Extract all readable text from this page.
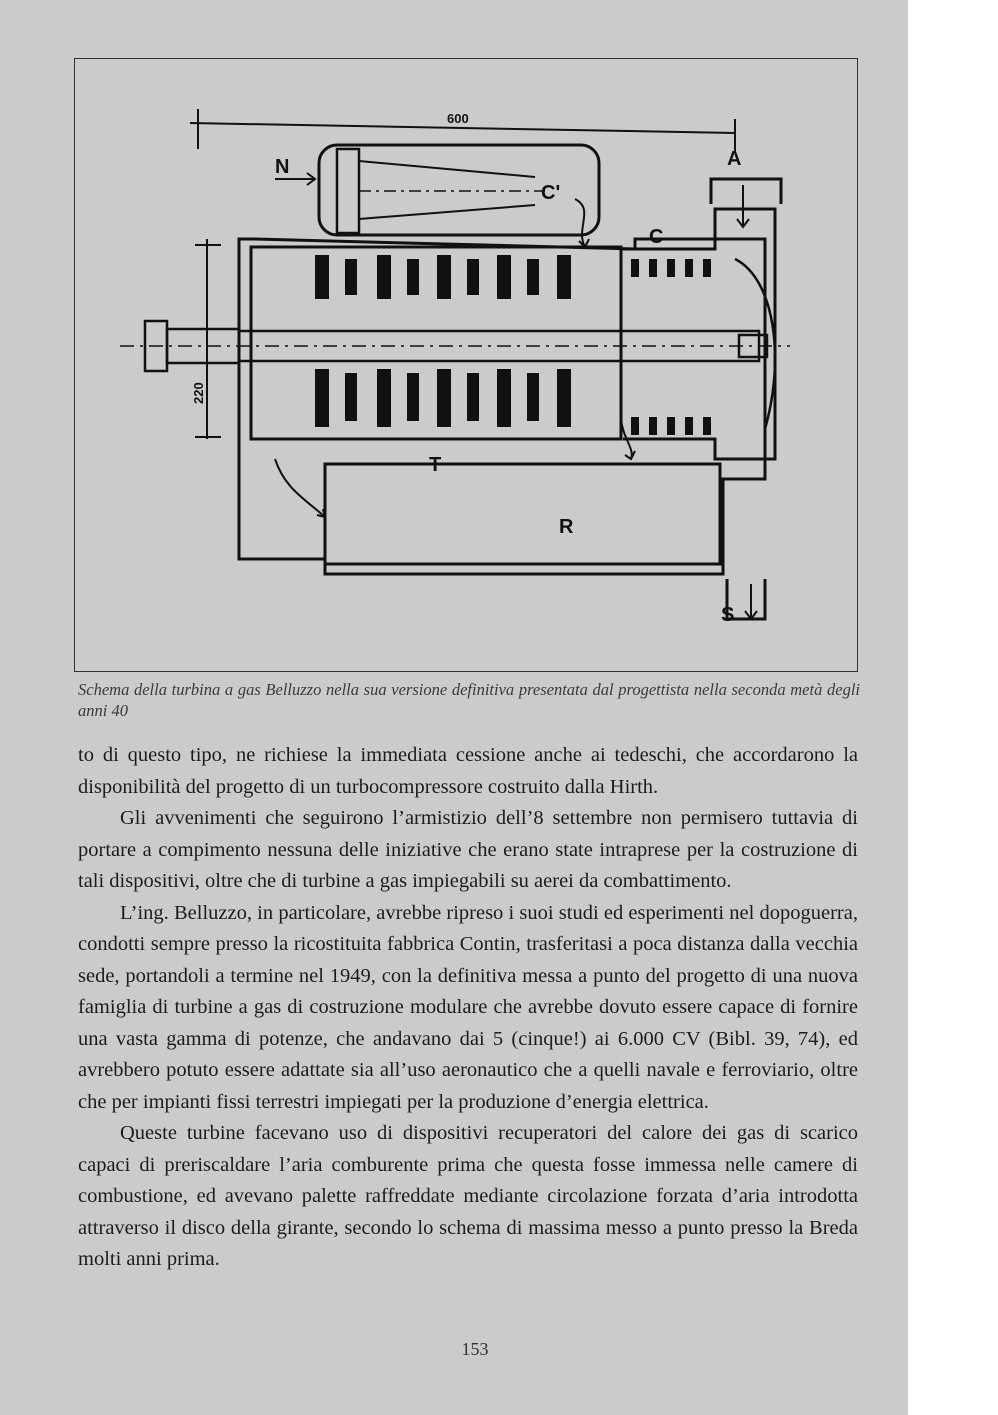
600
220
N	A
C'
C
T
R
S
Schema della turbina a gas Belluzzo nella sua versione definitiva presentata dal progettista nella seconda metà degli anni 40

to di questo tipo, ne richiese la immediata cessione anche ai tedeschi, che accordarono la disponibilità del progetto di un turbocompressore costruito dalla Hirth.

Gli avvenimenti che seguirono l’armistizio dell’8 settembre non permisero tuttavia di portare a compimento nessuna delle iniziative che erano state intraprese per la costruzione di tali dispositivi, oltre che di turbine a gas impiegabili su aerei da combattimento.

L’ing. Belluzzo, in particolare, avrebbe ripreso i suoi studi ed esperimenti nel dopoguerra, condotti sempre presso la ricostituita fabbrica Contin, trasferitasi a poca distanza dalla vecchia sede, portandoli a termine nel 1949, con la definitiva messa a punto del progetto di una nuova famiglia di turbine a gas di costruzione modulare che avrebbe dovuto essere capace di fornire una vasta gamma di potenze, che andavano dai 5 (cinque!) ai 6.000 CV (Bibl. 39, 74), ed avrebbero potuto essere adattate sia all’uso aeronautico che a quelli navale e ferroviario, oltre che per impianti fissi terrestri impiegati per la produzione d’energia elettrica.

Queste turbine facevano uso di dispositivi recuperatori del calore dei gas di scarico capaci di preriscaldare l’aria comburente prima che questa fosse immessa nelle camere di combustione, ed avevano palette raffreddate mediante circolazione forzata d’aria introdotta attraverso il disco della girante, secondo lo schema di massima messo a punto presso la Breda molti anni prima.

153
